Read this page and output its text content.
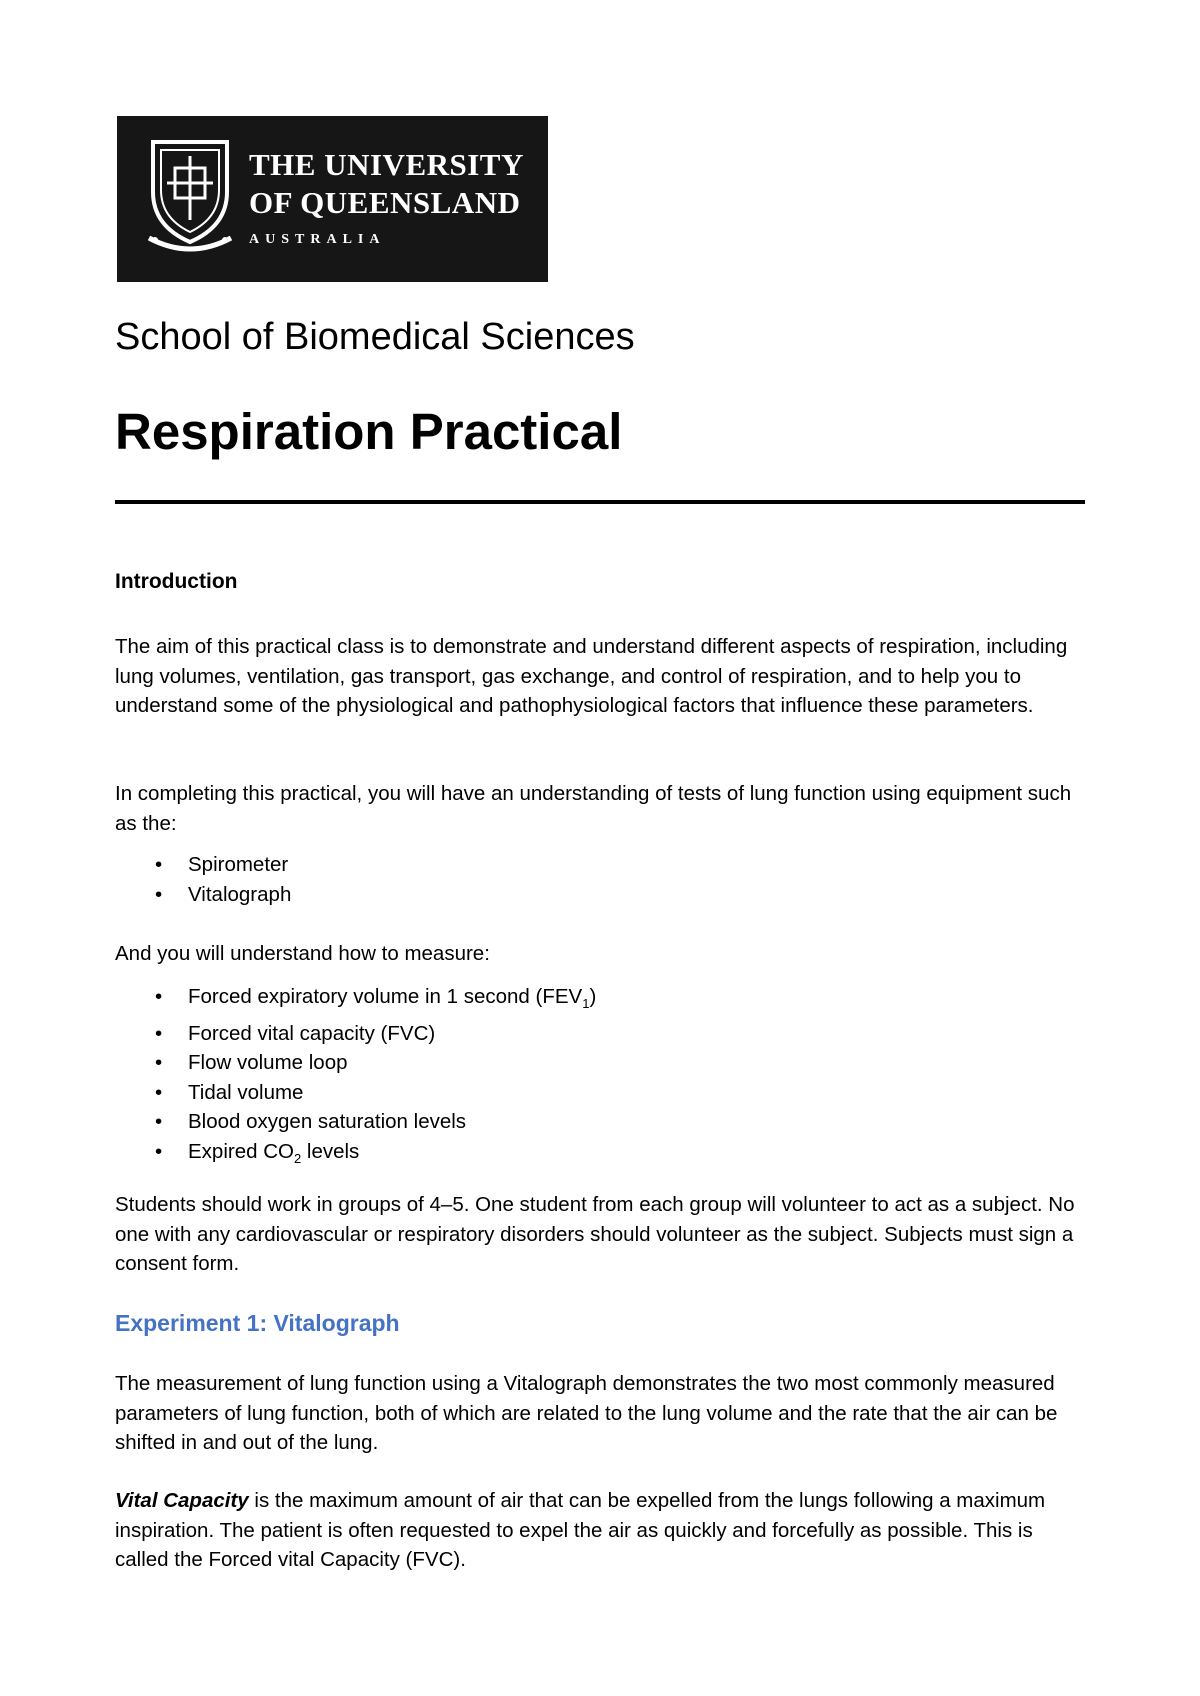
THE UNIVERSITY
OF QUEENSLAND
AUSTRALIA
School of Biomedical Sciences
Respiration Practical
Introduction
The aim of this practical class is to demonstrate and understand different aspects of respiration, including lung volumes, ventilation, gas transport, gas exchange, and control of respiration, and to help you to understand some of the physiological and pathophysiological factors that influence these parameters.
In completing this practical, you will have an understanding of tests of lung function using equipment such as the:
• Spirometer
• Vitalograph
And you will understand how to measure:
• Forced expiratory volume in 1 second $(FEV_1)$
• Forced vital capacity (FVC)
• Flow volume loop
• Tidal volume
• Blood oxygen saturation levels
• Expired $CO_2$ levels
Students should work in groups of 4–5. One student from each group will volunteer to act as a subject. No one with any cardiovascular or respiratory disorders should volunteer as the subject. Subjects must sign a consent form.
Experiment 1: Vitalograph
The measurement of lung function using a Vitalograph demonstrates the two most commonly measured parameters of lung function, both of which are related to the lung volume and the rate that the air can be shifted in and out of the lung.
Vital Capacity is the maximum amount of air that can be expelled from the lungs following a maximum inspiration. The patient is often requested to expel the air as quickly and forcefully as possible. This is called the Forced vital Capacity (FVC).
